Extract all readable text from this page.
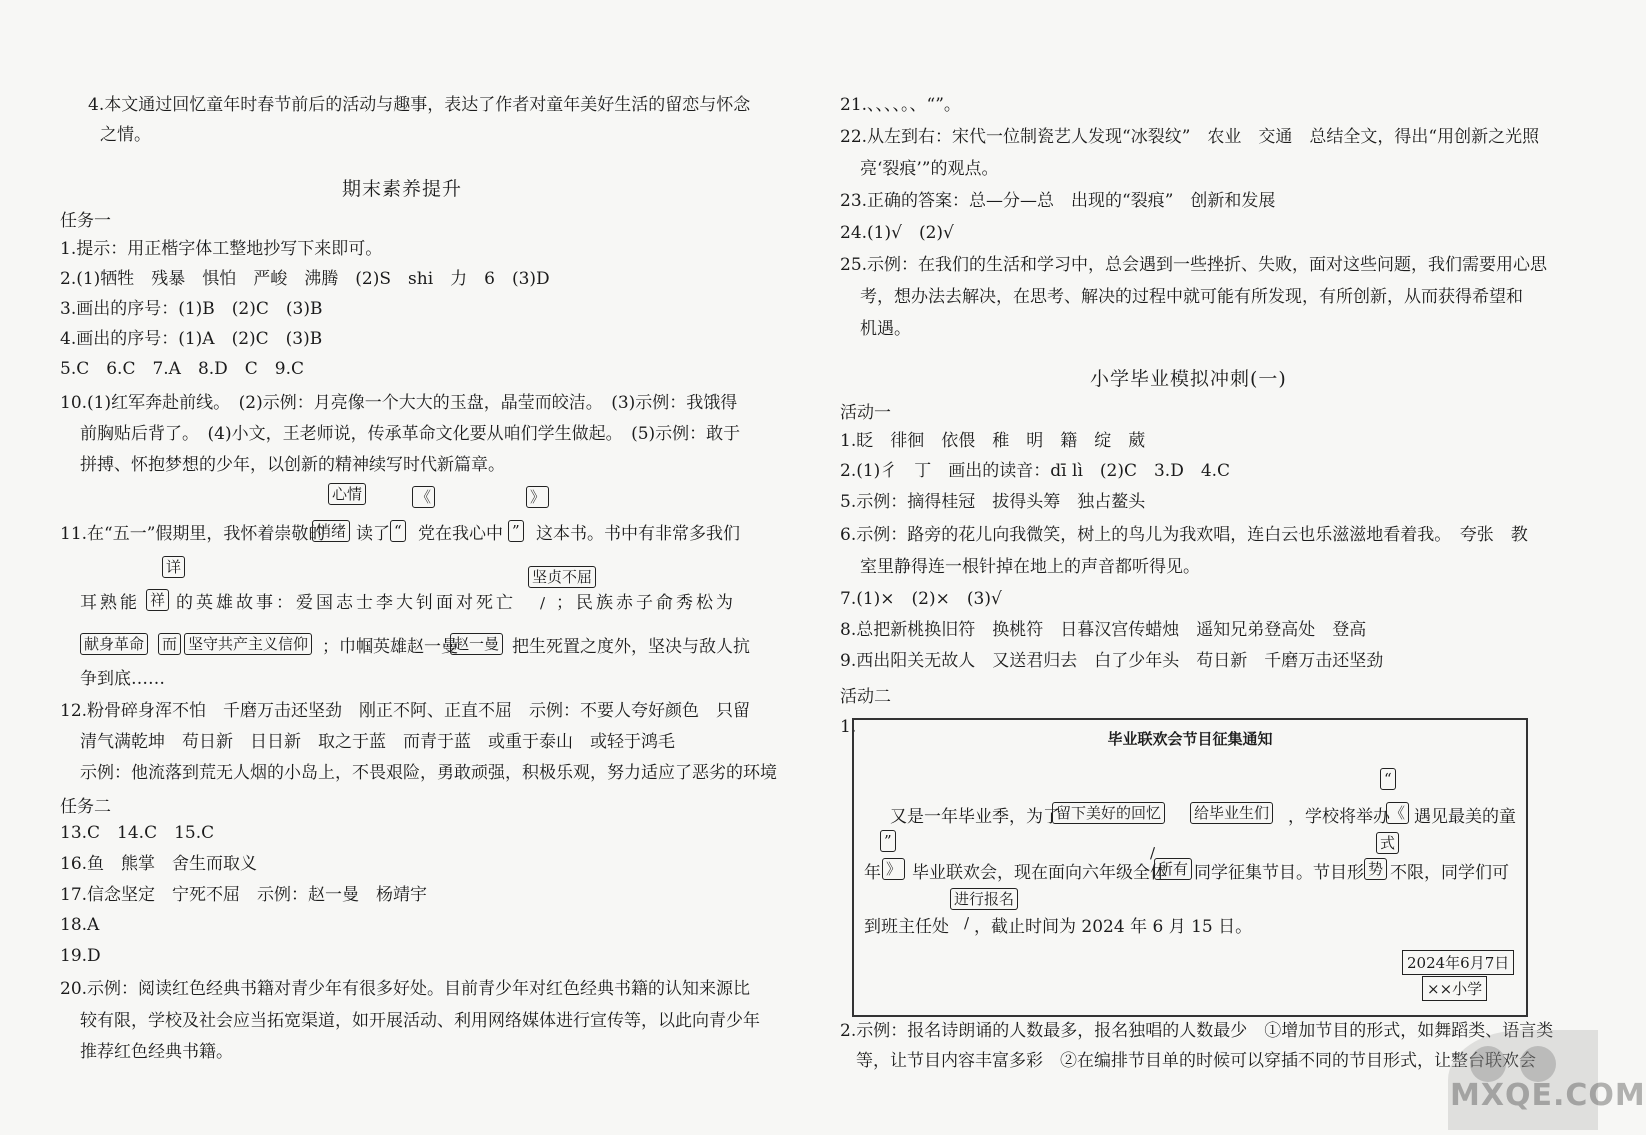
4.本文通过回忆童年时春节前后的活动与趣事，表达了作者对童年美好生活的留恋与怀念
之情。
期末素养提升
任务一
1.提示：用正楷字体工整地抄写下来即可。
2.(1)牺牲　残暴　惧怕　严峻　沸腾　(2)S　shi　力　6　(3)D
3.画出的序号：(1)B　(2)C　(3)B
4.画出的序号：(1)A　(2)C　(3)B
5.C　6.C　7.A　8.D　C　9.C
10.(1)红军奔赴前线。　(2)示例：月亮像一个大大的玉盘，晶莹而皎洁。　(3)示例：我饿得
前胸贴后背了。　(4)小文，王老师说，传承革命文化要从咱们学生做起。　(5)示例：敢于
拼搏、怀抱梦想的少年，以创新的精神续写时代新篇章。
心情	《	》
11.在“五一”假期里，我怀着崇敬的
悄绪 读了 “ 党在我心中 ” 这本书。书中有非常多我们
详
坚贞不屈
耳熟能 祥 的英雄故事：爱国志士李大钊面对死亡 ∕ ；民族赤子俞秀松为
献身革命 而 坚守共产主义信仰 ；巾帼英雄赵一曼
赵一曼 把生死置之度外，坚决与敌人抗
争到底……
12.粉骨碎身浑不怕　千磨万击还坚劲　刚正不阿、正直不屈　示例：不要人夸好颜色　只留
清气满乾坤　苟日新　日日新　取之于蓝　而青于蓝　或重于泰山　或轻于鸿毛
示例：他流落到荒无人烟的小岛上，不畏艰险，勇敢顽强，积极乐观，努力适应了恶劣的环境
任务二
13.C　14.C　15.C
16.鱼　熊掌　舍生而取义
17.信念坚定　宁死不屈　示例：赵一曼　杨靖宇
18.A
19.D
20.示例：阅读红色经典书籍对青少年有很多好处。目前青少年对红色经典书籍的认知来源比
较有限，学校及社会应当拓宽渠道，如开展活动、利用网络媒体进行宣传等，以此向青少年
推荐红色经典书籍。
21.、、、、。、“”。
22.从左到右：宋代一位制瓷艺人发现“冰裂纹”　农业　交通　总结全文，得出“用创新之光照
亮‘裂痕’”的观点。
23.正确的答案：总—分—总　出现的“裂痕”　创新和发展
24.(1)√　(2)√
25.示例：在我们的生活和学习中，总会遇到一些挫折、失败，面对这些问题，我们需要用心思
考，想办法去解决，在思考、解决的过程中就可能有所发现，有所创新，从而获得希望和
机遇。
小学毕业模拟冲刺(一)
活动一
1.眨　徘徊　依偎　稚　明　籍　绽　葳
2.(1)彳　丁　画出的读音：dī lì　(2)C　3.D　4.C
5.示例：摘得桂冠　拔得头筹　独占鳌头
6.示例：路旁的花儿向我微笑，树上的鸟儿为我欢唱，连白云也乐滋滋地看着我。　夸张　教
室里静得连一根针掉在地上的声音都听得见。
7.(1)×　(2)×　(3)√
8.总把新桃换旧符　换桃符　日暮汉宫传蜡烛　遥知兄弟登高处　登高
9.西出阳关无故人　又送君归去　白了少年头　苟日新　千磨万击还坚劲
活动二
1.
毕业联欢会节目征集通知
“
又是一年毕业季，为了
留下美好的回忆 给毕业生们 ，学校将举办 《 遇见最美的童
”	式
年 》 毕业联欢会，现在面向六年级全体
∕
所有 同学征集节目。节目形 势 不限，同学们可
进行报名
到班主任处 ∕ ，截止时间为 2024 年 6 月 15 日。
2024年6月7日
××小学
2.示例：报名诗朗诵的人数最多，报名独唱的人数最少　①增加节目的形式，如舞蹈类、语言类
等，让节目内容丰富多彩　②在编排节目单的时候可以穿插不同的节目形式，让整台联欢会
MXQE.COM
